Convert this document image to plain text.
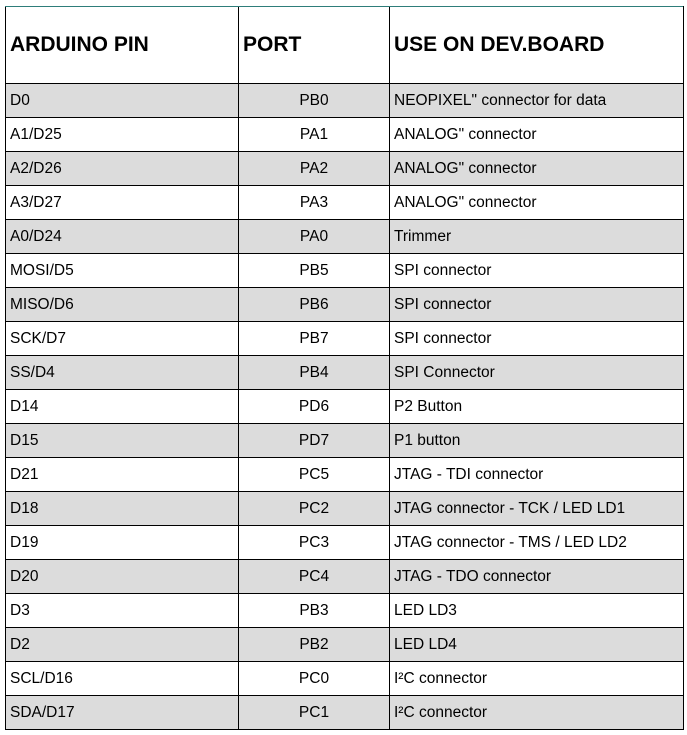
ARDUINO PIN	PORT	USE ON DEV.BOARD
D0	PB0	NEOPIXEL" connector for data
A1/D25	PA1	ANALOG" connector
A2/D26	PA2	ANALOG" connector
A3/D27	PA3	ANALOG" connector
A0/D24	PA0	Trimmer
MOSI/D5	PB5	SPI connector
MISO/D6	PB6	SPI connector
SCK/D7	PB7	SPI connector
SS/D4	PB4	SPI Connector
D14	PD6	P2 Button
D15	PD7	P1 button
D21	PC5	JTAG - TDI connector
D18	PC2	JTAG connector - TCK / LED LD1
D19	PC3	JTAG connector - TMS / LED LD2
D20	PC4	JTAG - TDO connector
D3	PB3	LED LD3
D2	PB2	LED LD4
SCL/D16	PC0	I²C connector
SDA/D17	PC1	I²C connector
